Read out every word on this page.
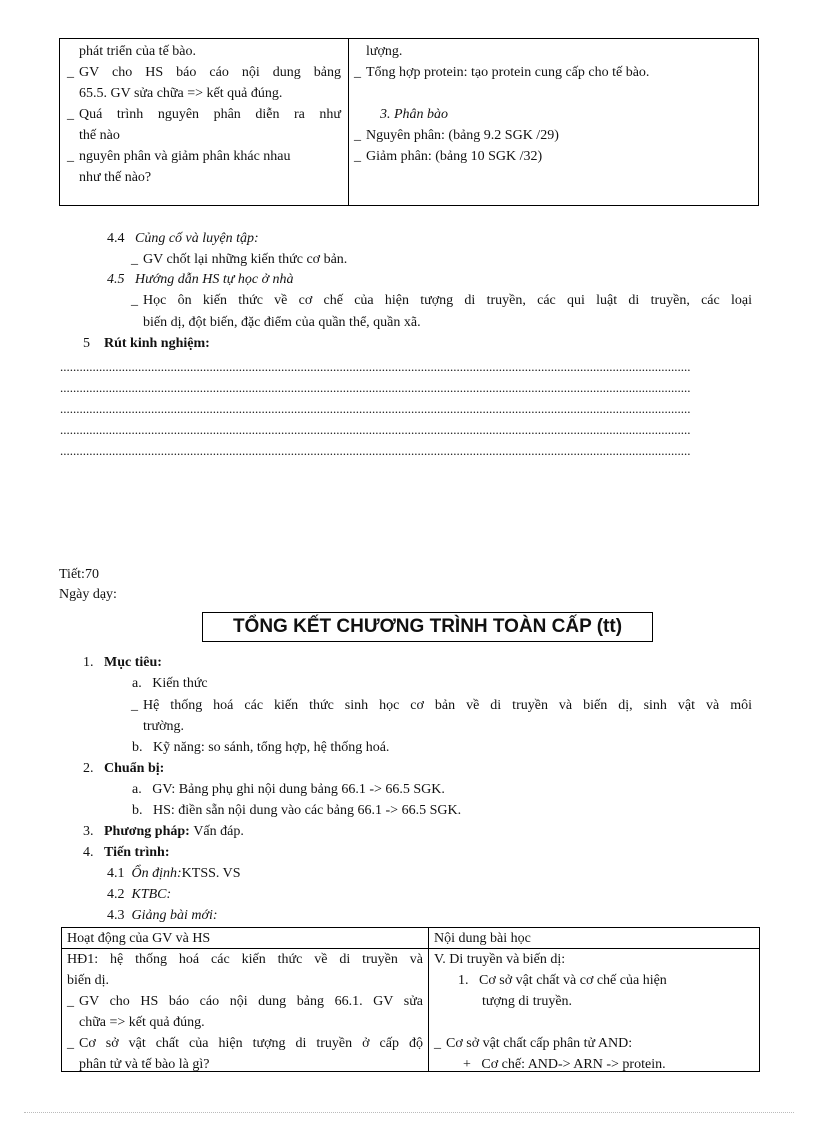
phát triển của tế bào.
_ GV cho HS báo cáo nội dung bảng
65.5. GV sửa chữa => kết quả đúng.
_ Quá trình nguyên phân diễn ra như
thế nào
_ nguyên phân và giảm phân khác nhau
như thế nào?
lượng.
_ Tổng hợp protein: tạo protein cung cấp cho tế bào.
3. Phân bào
_ Nguyên phân: (bảng 9.2 SGK /29)
_ Giảm phân: (bảng 10 SGK /32)
4.4 Củng cố và luyện tập:
_ GV chốt lại những kiến thức cơ bản.
4.5 Hướng dẫn HS tự học ở nhà
_ Học ôn kiến thức về cơ chế của hiện tượng di truyền, các qui luật di truyền, các loại
biến dị, đột biến, đặc điểm của quần thể, quần xã.
5 Rút kinh nghiệm:
..................................................................................................................................................................................................
..................................................................................................................................................................................................
..................................................................................................................................................................................................
..................................................................................................................................................................................................
..................................................................................................................................................................................................
Tiết:70
Ngày dạy:
TỔNG KẾT CHƯƠNG TRÌNH TOÀN CẤP (tt)
1. Mục tiêu:
a. Kiến thức
_ Hệ thống hoá các kiến thức sinh học cơ bản về di truyền và biến dị, sinh vật và môi
trường.
b. Kỹ năng: so sánh, tổng hợp, hệ thống hoá.
2. Chuẩn bị:
a. GV: Bảng phụ ghi nội dung bảng 66.1 -> 66.5 SGK.
b. HS: điền sẵn nội dung vào các bảng 66.1 -> 66.5 SGK.
3. Phương pháp: Vấn đáp.
4. Tiến trình:
4.1 Ổn định:KTSS. VS
4.2 KTBC:
4.3 Giảng bài mới:
Hoạt động của GV và HS	Nội dung bài học
HĐ1: hệ thống hoá các kiến thức về di truyền và
biến dị.
_ GV cho HS báo cáo nội dung bảng 66.1. GV sửa
chữa => kết quả đúng.
_ Cơ sở vật chất của hiện tượng di truyền ở cấp độ
phân tử và tế bào là gì?
V. Di truyền và biến dị:
1. Cơ sở vật chất và cơ chế của hiện
tượng di truyền.
_ Cơ sở vật chất cấp phân tử AND:
+ Cơ chế: AND-> ARN -> protein.
